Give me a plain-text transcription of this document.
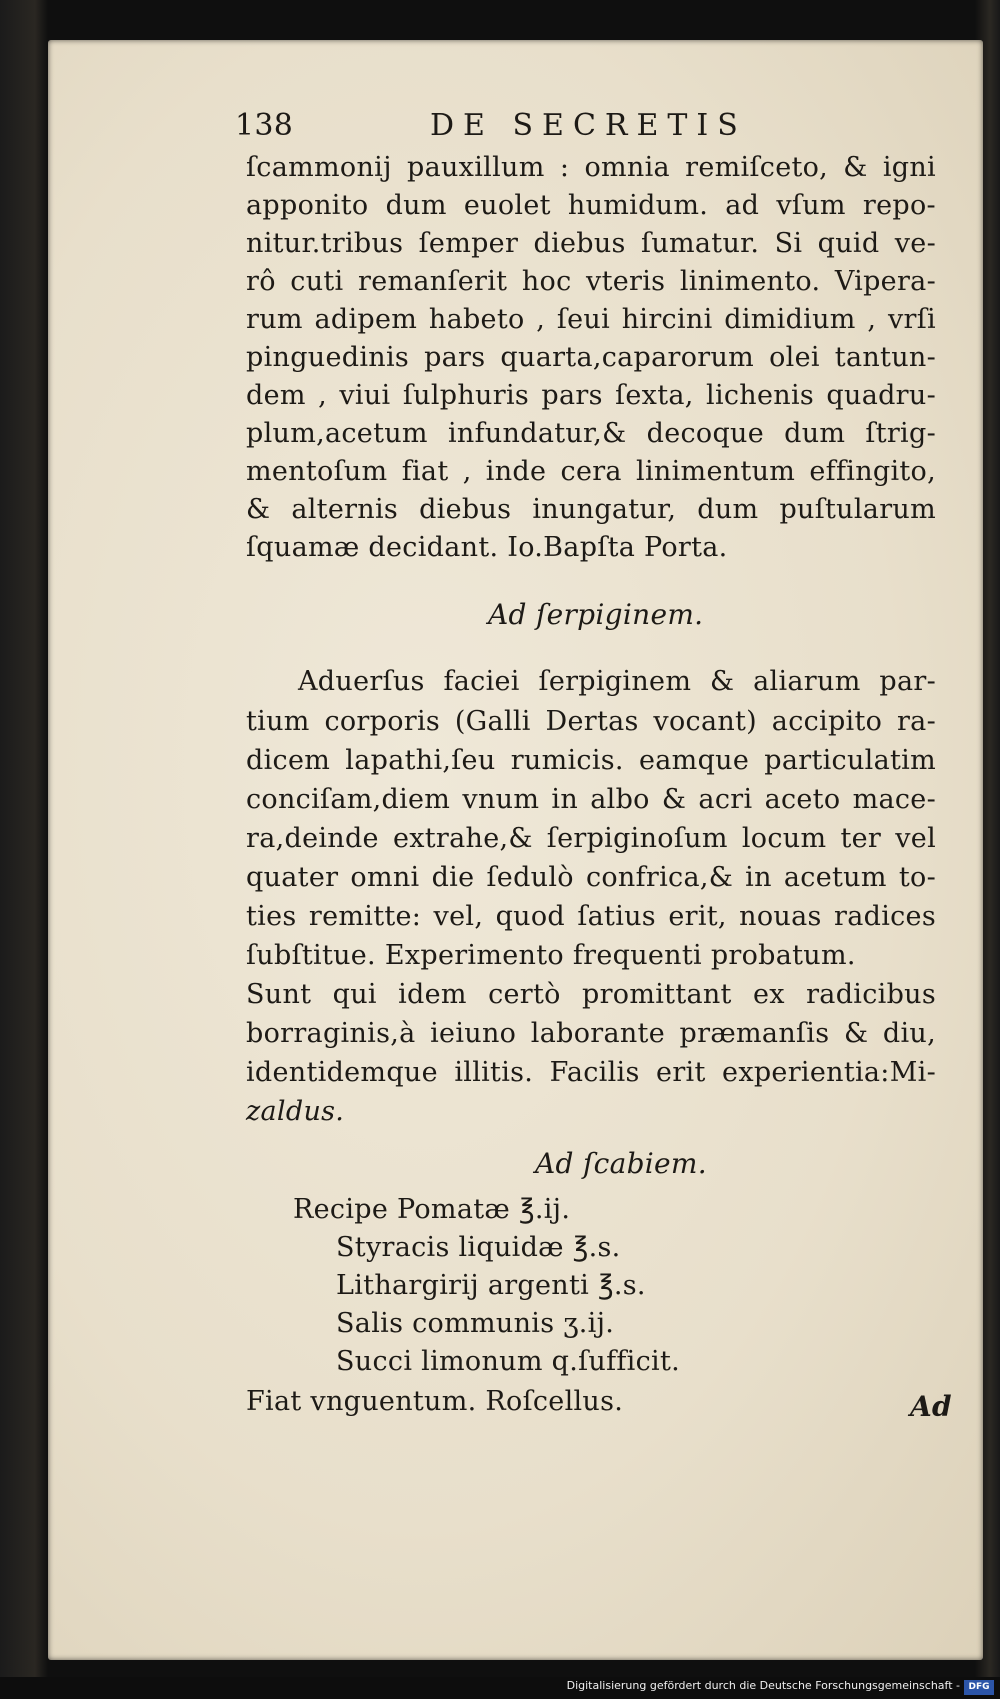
138	DE SECRETIS
ſcammonij pauxillum : omnia remiſceto, & igni
apponito dum euolet humidum. ad vſum repo-
nitur.tribus ſemper diebus ſumatur. Si quid ve-
rô cuti remanſerit hoc vteris linimento. Vipera-
rum adipem habeto , ſeui hircini dimidium , vrſi
pinguedinis pars quarta,caparorum olei tantun-
dem , viui ſulphuris pars ſexta, lichenis quadru-
plum,acetum infundatur,& decoque dum ſtrig-
mentoſum fiat , inde cera linimentum effingito,
& alternis diebus inungatur, dum puſtularum
ſquamæ decidant. Io.Bapſta Porta.
Ad ſerpiginem.
Aduerſus faciei ſerpiginem & aliarum par-
tium corporis (Galli Dertas vocant) accipito ra-
dicem lapathi,ſeu rumicis. eamque particulatim
conciſam,diem vnum in albo & acri aceto mace-
ra,deinde extrahe,& ſerpiginoſum locum ter vel
quater omni die ſedulò confrica,& in acetum to-
ties remitte: vel, quod ſatius erit, nouas radices
ſubſtitue. Experimento frequenti probatum.
Sunt qui idem certò promittant ex radicibus
borraginis,à ieiuno laborante præmanſis & diu,
identidemque illitis. Facilis erit experientia:Mi-
zaldus.
Ad ſcabiem.
Recipe Pomatæ ℥.ij.
Styracis liquidæ ℥.s.
Lithargirij argenti ℥.s.
Salis communis ʒ.ij.
Succi limonum q.ſufficit.
Fiat vnguentum. Roſcellus.	Ad
Digitalisierung gefördert durch die Deutsche Forschungsgemeinschaft - DFG
